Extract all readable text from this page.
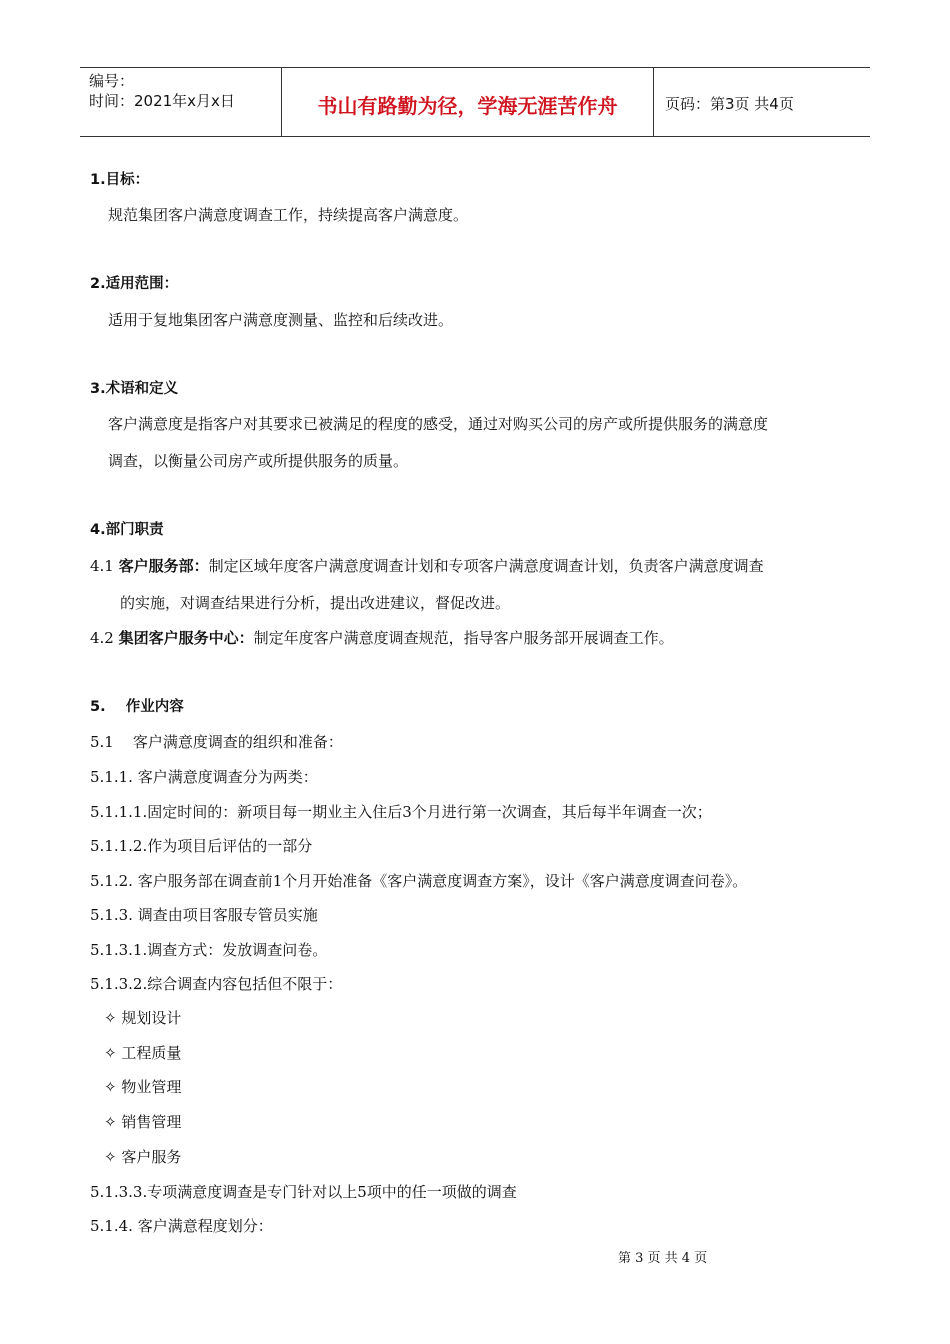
编号：
时间：2021年x月x日	书山有路勤为径，学海无涯苦作舟	页码：第3页 共4页
1.目标：
规范集团客户满意度调查工作，持续提高客户满意度。
2.适用范围：
适用于复地集团客户满意度测量、监控和后续改进。
3.术语和定义
客户满意度是指客户对其要求已被满足的程度的感受，通过对购买公司的房产或所提供服务的满意度
调查，以衡量公司房产或所提供服务的质量。
4.部门职责
4.1 客户服务部：制定区域年度客户满意度调查计划和专项客户满意度调查计划，负责客户满意度调查
的实施，对调查结果进行分析，提出改进建议，督促改进。
4.2 集团客户服务中心：制定年度客户满意度调查规范，指导客户服务部开展调查工作。
5.    作业内容
5.1    客户满意度调查的组织和准备：
5.1.1. 客户满意度调查分为两类：
5.1.1.1.固定时间的：新项目每一期业主入住后3个月进行第一次调查，其后每半年调查一次；
5.1.1.2.作为项目后评估的一部分
5.1.2. 客户服务部在调查前1个月开始准备《客户满意度调查方案》，设计《客户满意度调查问卷》。
5.1.3. 调查由项目客服专管员实施
5.1.3.1.调查方式：发放调查问卷。
5.1.3.2.综合调查内容包括但不限于：
✧ 规划设计
✧ 工程质量
✧ 物业管理
✧ 销售管理
✧ 客户服务
5.1.3.3.专项满意度调查是专门针对以上5项中的任一项做的调查
5.1.4. 客户满意程度划分：
第 3 页 共 4 页
